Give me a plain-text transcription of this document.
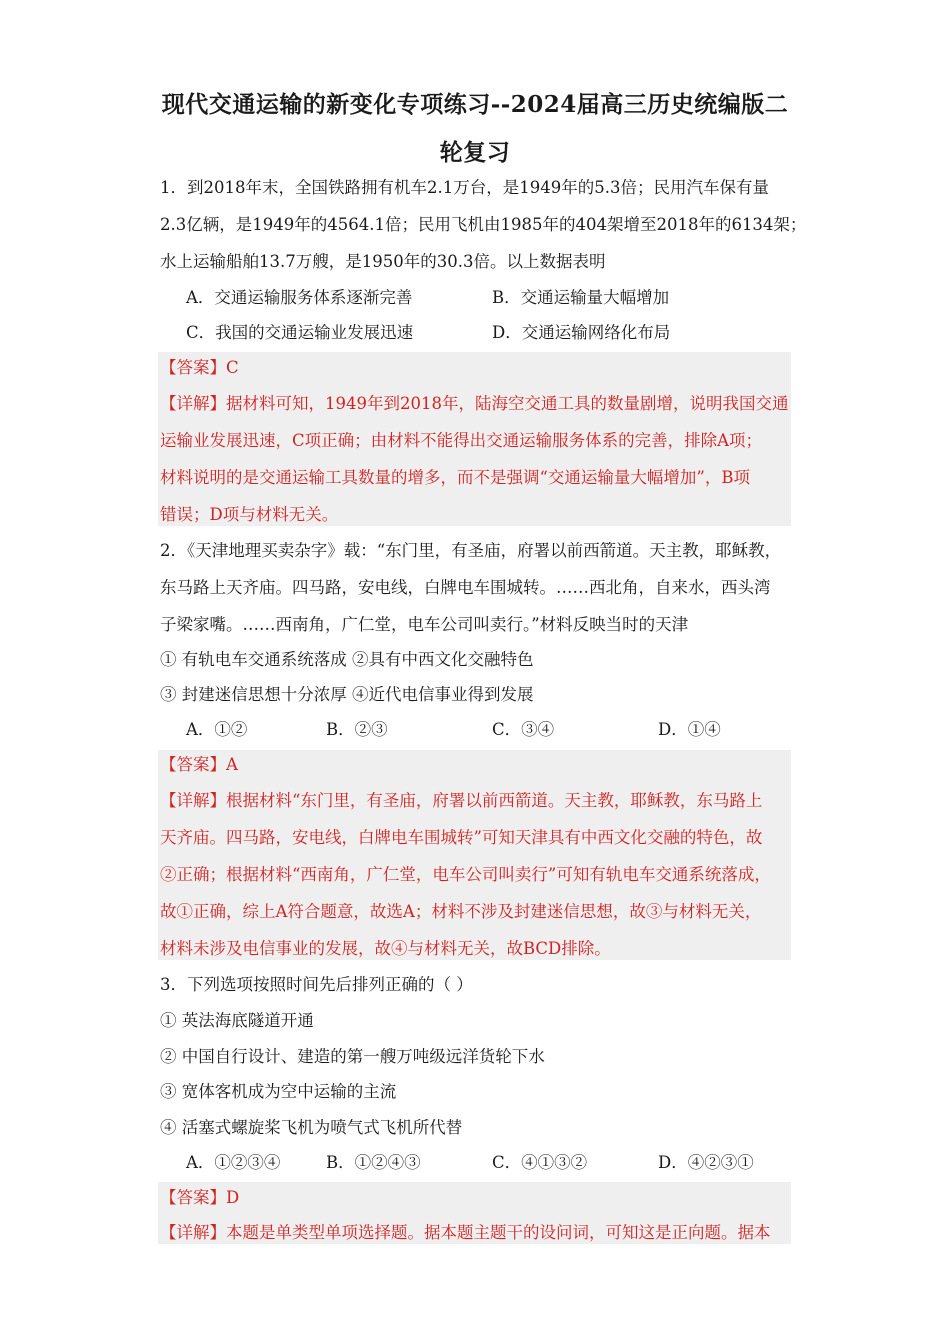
现代交通运输的新变化专项练习--2024届高三历史统编版二
轮复习
1．到2018年末，全国铁路拥有机车2.1万台，是1949年的5.3倍；民用汽车保有量
2.3亿辆，是1949年的4564.1倍；民用飞机由1985年的404架增至2018年的6134架；
水上运输船舶13.7万艘，是1950年的30.3倍。以上数据表明
A．交通运输服务体系逐渐完善	B．交通运输量大幅增加
C．我国的交通运输业发展迅速	D．交通运输网络化布局
【答案】C
【详解】据材料可知，1949年到2018年，陆海空交通工具的数量剧增，说明我国交通
运输业发展迅速，C项正确；由材料不能得出交通运输服务体系的完善，排除A项；
材料说明的是交通运输工具数量的增多，而不是强调“交通运输量大幅增加”，B项
错误；D项与材料无关。
2．《天津地理买卖杂字》载：“东门里，有圣庙，府署以前西箭道。天主教，耶稣教，
东马路上天齐庙。四马路，安电线，白牌电车围城转。……西北角，自来水，西头湾
子梁家嘴。……西南角，广仁堂，电车公司叫卖行。”材料反映当时的天津
① 有轨电车交通系统落成 ②具有中西文化交融特色
③ 封建迷信思想十分浓厚 ④近代电信事业得到发展
A．①②	B．②③	C．③④	D．①④
【答案】A
【详解】根据材料“东门里，有圣庙，府署以前西箭道。天主教，耶稣教，东马路上
天齐庙。四马路，安电线，白牌电车围城转”可知天津具有中西文化交融的特色，故
②正确；根据材料“西南角，广仁堂，电车公司叫卖行”可知有轨电车交通系统落成，
故①正确，综上A符合题意，故选A；材料不涉及封建迷信思想，故③与材料无关，
材料未涉及电信事业的发展，故④与材料无关，故BCD排除。
3．下列选项按照时间先后排列正确的（ ）
① 英法海底隧道开通
② 中国自行设计、建造的第一艘万吨级远洋货轮下水
③ 宽体客机成为空中运输的主流
④ 活塞式螺旋桨飞机为喷气式飞机所代替
A．①②③④	B．①②④③	C．④①③②	D．④②③①
【答案】D
【详解】本题是单类型单项选择题。据本题主题干的设问词，可知这是正向题。据本
